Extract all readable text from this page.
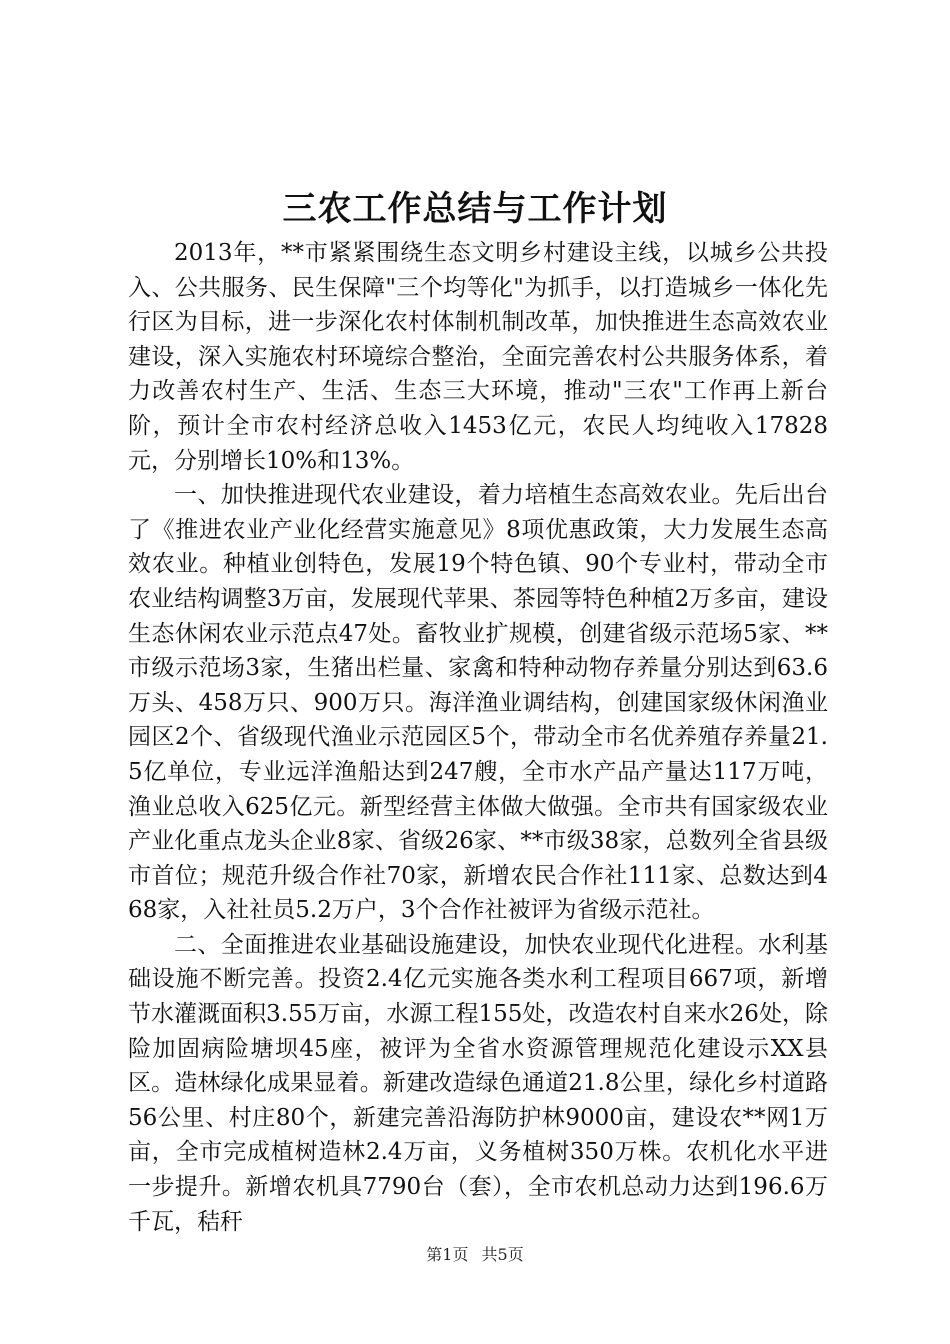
三农工作总结与工作计划

2013年，**市紧紧围绕生态文明乡村建设主线，以城乡公共投入、公共服务、民生保障"三个均等化"为抓手，以打造城乡一体化先行区为目标，进一步深化农村体制机制改革，加快推进生态高效农业建设，深入实施农村环境综合整治，全面完善农村公共服务体系，着力改善农村生产、生活、生态三大环境，推动"三农"工作再上新台阶，预计全市农村经济总收入1453亿元，农民人均纯收入17828元，分别增长10%和13%。

一、加快推进现代农业建设，着力培植生态高效农业。先后出台了《推进农业产业化经营实施意见》8项优惠政策，大力发展生态高效农业。种植业创特色，发展19个特色镇、90个专业村，带动全市农业结构调整3万亩，发展现代苹果、茶园等特色种植2万多亩，建设生态休闲农业示范点47处。畜牧业扩规模，创建省级示范场5家、**市级示范场3家，生猪出栏量、家禽和特种动物存养量分别达到63.6万头、458万只、900万只。海洋渔业调结构，创建国家级休闲渔业园区2个、省级现代渔业示范园区5个，带动全市名优养殖存养量21.5亿单位，专业远洋渔船达到247艘，全市水产品产量达117万吨，渔业总收入625亿元。新型经营主体做大做强。全市共有国家级农业产业化重点龙头企业8家、省级26家、**市级38家，总数列全省县级市首位；规范升级合作社70家，新增农民合作社111家、总数达到468家，入社社员5.2万户，3个合作社被评为省级示范社。

二、全面推进农业基础设施建设，加快农业现代化进程。水利基础设施不断完善。投资2.4亿元实施各类水利工程项目667项，新增节水灌溉面积3.55万亩，水源工程155处，改造农村自来水26处，除险加固病险塘坝45座，被评为全省水资源管理规范化建设示XX县区。造林绿化成果显着。新建改造绿色通道21.8公里，绿化乡村道路56公里、村庄80个，新建完善沿海防护林9000亩，建设农**网1万亩，全市完成植树造林2.4万亩，义务植树350万株。农机化水平进一步提升。新增农机具7790台（套），全市农机总动力达到196.6万千瓦，秸秆

第1页 共5页
